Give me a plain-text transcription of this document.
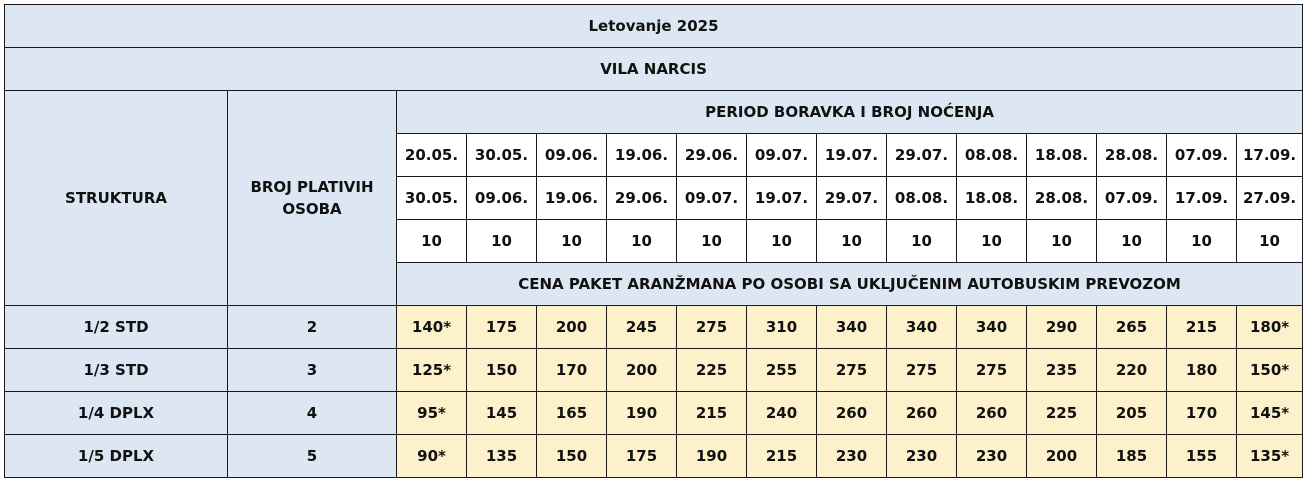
Letovanje 2025														
VILA NARCIS														
STRUKTURA	BROJ PLATIVIH OSOBA	PERIOD BORAVKA I BROJ NOĆENJA												
		20.05.	30.05.	09.06.	19.06.	29.06.	09.07.	19.07.	29.07.	08.08.	18.08.	28.08.	07.09.	17.09.
		30.05.	09.06.	19.06.	29.06.	09.07.	19.07.	29.07.	08.08.	18.08.	28.08.	07.09.	17.09.	27.09.
		10	10	10	10	10	10	10	10	10	10	10	10	10
		CENA PAKET ARANŽMANA PO OSOBI SA UKLJUČENIM AUTOBUSKIM PREVOZOM												
1/2 STD	2	140*	175	200	245	275	310	340	340	340	290	265	215	180*
1/3 STD	3	125*	150	170	200	225	255	275	275	275	235	220	180	150*
1/4 DPLX	4	95*	145	165	190	215	240	260	260	260	225	205	170	145*
1/5 DPLX	5	90*	135	150	175	190	215	230	230	230	200	185	155	135*
